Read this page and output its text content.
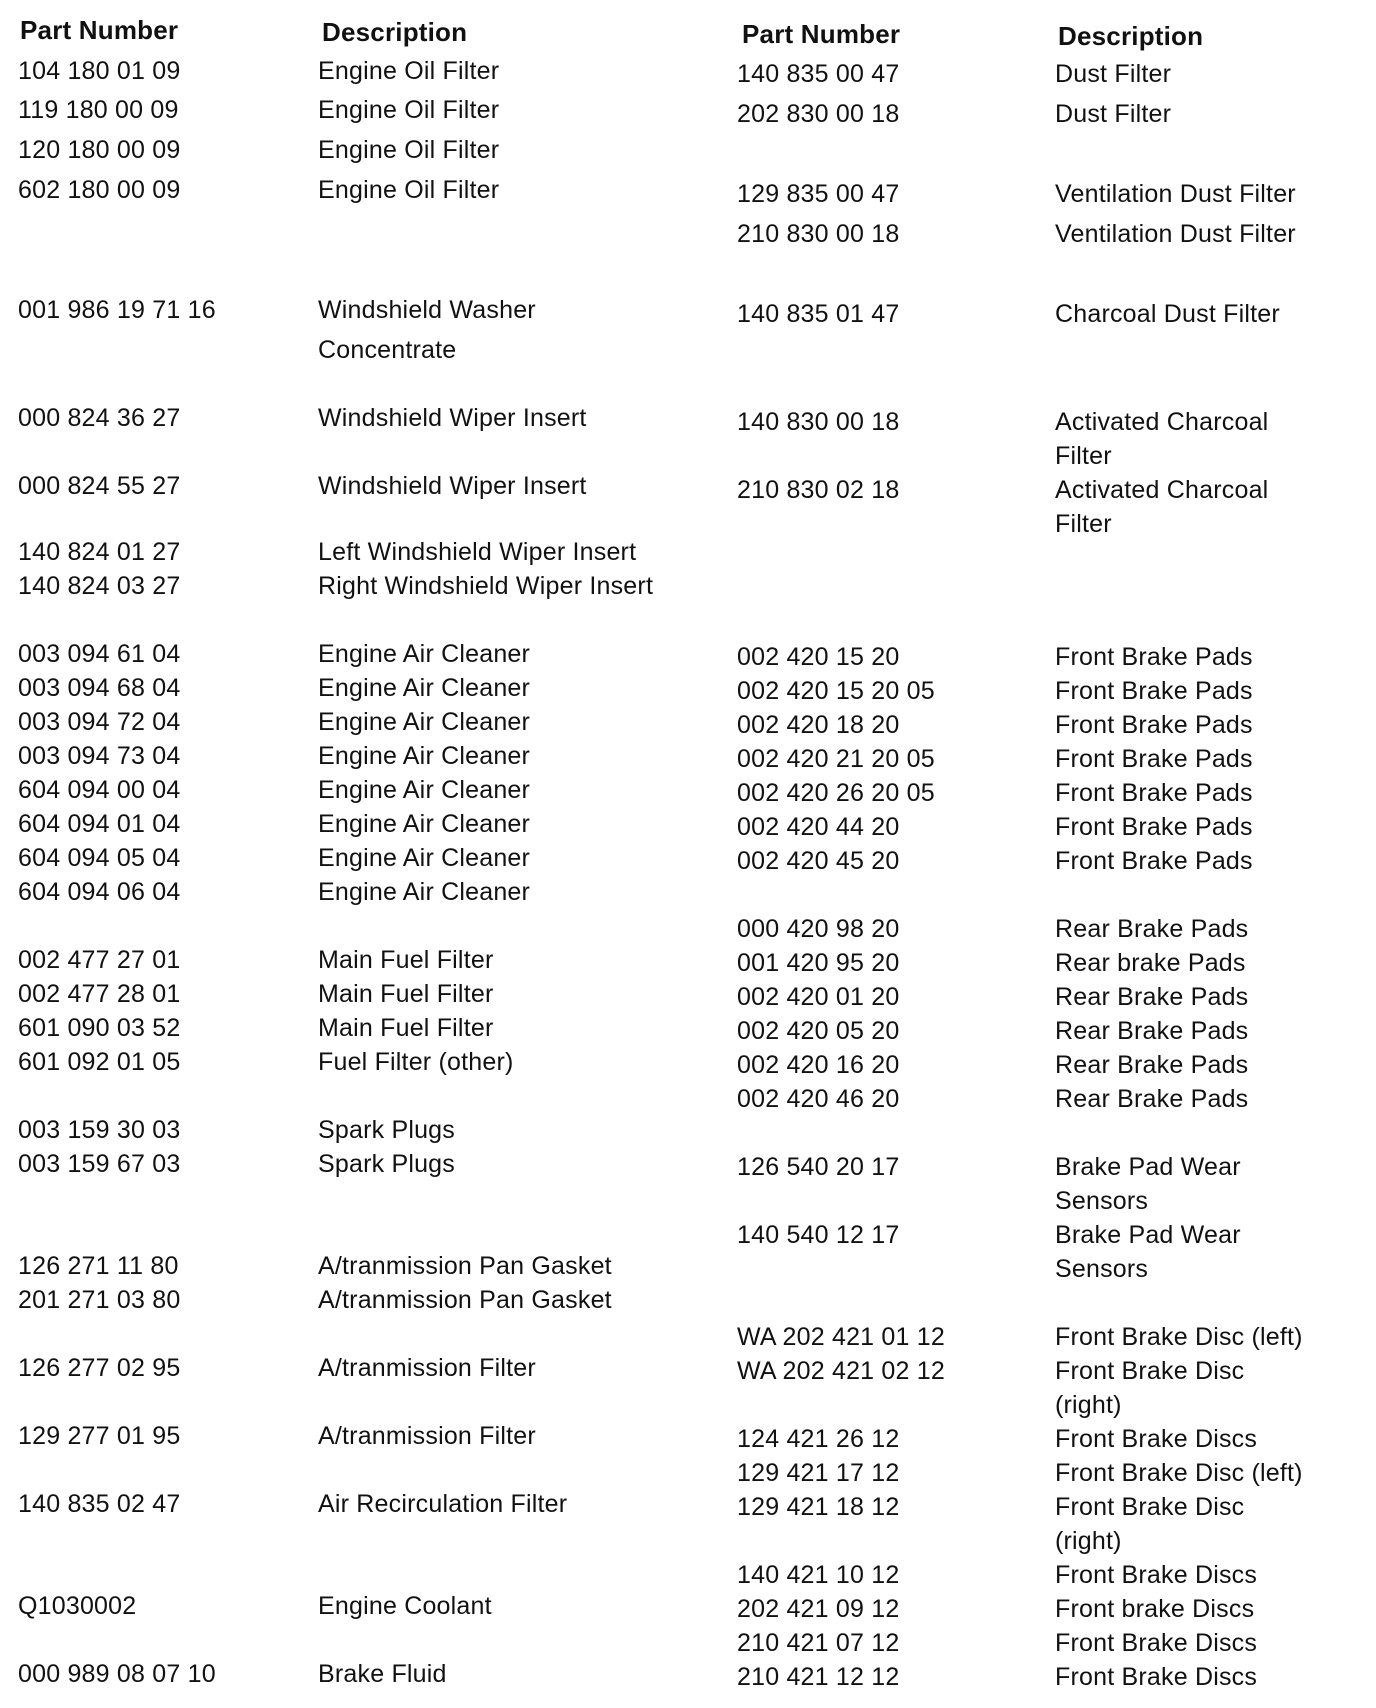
Part Number	Description	Part Number	Description
104 180 01 09	Engine Oil Filter
119 180 00 09	Engine Oil Filter
120 180 00 09	Engine Oil Filter
602 180 00 09	Engine Oil Filter
001 986 19 71 16	Windshield Washer
Concentrate
000 824 36 27	Windshield Wiper Insert
000 824 55 27	Windshield Wiper Insert
140 824 01 27	Left Windshield Wiper Insert
140 824 03 27	Right Windshield Wiper Insert
003 094 61 04	Engine Air Cleaner
003 094 68 04	Engine Air Cleaner
003 094 72 04	Engine Air Cleaner
003 094 73 04	Engine Air Cleaner
604 094 00 04	Engine Air Cleaner
604 094 01 04	Engine Air Cleaner
604 094 05 04	Engine Air Cleaner
604 094 06 04	Engine Air Cleaner
002 477 27 01	Main Fuel Filter
002 477 28 01	Main Fuel Filter
601 090 03 52	Main Fuel Filter
601 092 01 05	Fuel Filter (other)
003 159 30 03	Spark Plugs
003 159 67 03	Spark Plugs
126 271 11 80	A/tranmission Pan Gasket
201 271 03 80	A/tranmission Pan Gasket
126 277 02 95	A/tranmission Filter
129 277 01 95	A/tranmission Filter
140 835 02 47	Air Recirculation Filter
Q1030002	Engine Coolant
000 989 08 07 10	Brake Fluid
140 835 00 47	Dust Filter
202 830 00 18	Dust Filter
129 835 00 47	Ventilation Dust Filter
210 830 00 18	Ventilation Dust Filter
140 835 01 47	Charcoal Dust Filter
140 830 00 18	Activated Charcoal
Filter
210 830 02 18	Activated Charcoal
Filter
002 420 15 20	Front Brake Pads
002 420 15 20 05	Front Brake Pads
002 420 18 20	Front Brake Pads
002 420 21 20 05	Front Brake Pads
002 420 26 20 05	Front Brake Pads
002 420 44 20	Front Brake Pads
002 420 45 20	Front Brake Pads
000 420 98 20	Rear Brake Pads
001 420 95 20	Rear brake Pads
002 420 01 20	Rear Brake Pads
002 420 05 20	Rear Brake Pads
002 420 16 20	Rear Brake Pads
002 420 46 20	Rear Brake Pads
126 540 20 17	Brake Pad Wear
Sensors
140 540 12 17	Brake Pad Wear
Sensors
WA 202 421 01 12	Front Brake Disc (left)
WA 202 421 02 12	Front Brake Disc
(right)
124 421 26 12	Front Brake Discs
129 421 17 12	Front Brake Disc (left)
129 421 18 12	Front Brake Disc
(right)
140 421 10 12	Front Brake Discs
202 421 09 12	Front brake Discs
210 421 07 12	Front Brake Discs
210 421 12 12	Front Brake Discs
